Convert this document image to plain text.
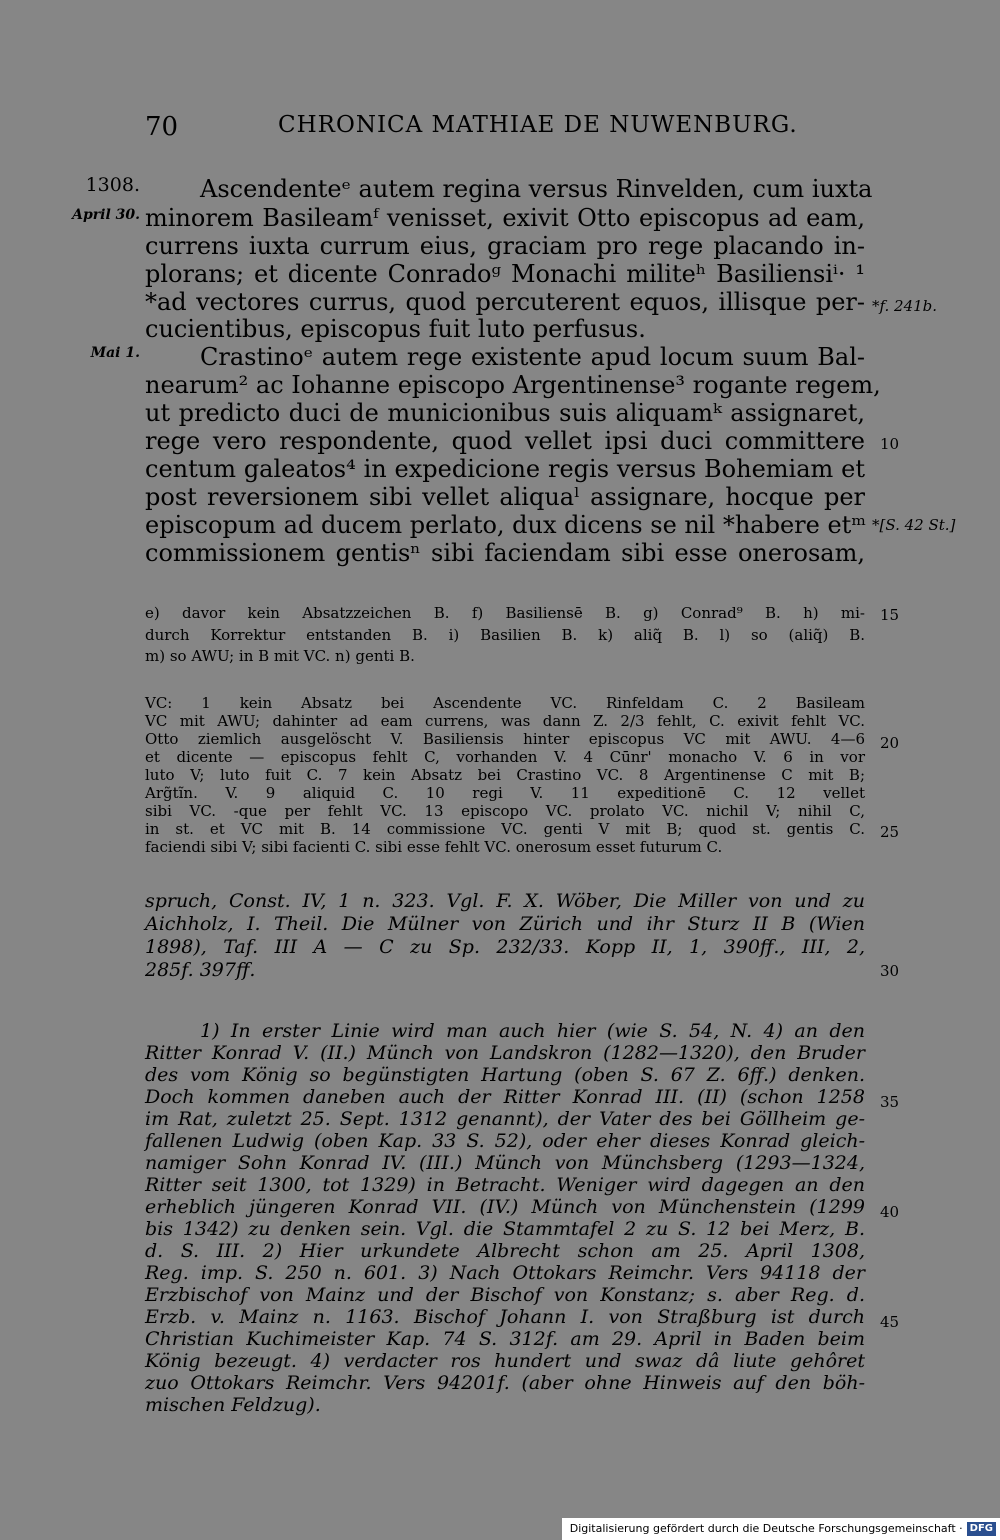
70	CHRONICA MATHIAE DE NUWENBURG.
1308.
April 30.
Mai 1.
*f. 241b.
*[S. 42 St.]
10
15
20
25
30
35
40
45
Ascendenteᵉ autem regina versus Rinvelden, cum iuxta
minorem Basileamᶠ venisset, exivit Otto episcopus ad eam,
currens iuxta currum eius, graciam pro rege placando in-
plorans; et dicente Conradoᵍ Monachi militeʰ Basiliensiⁱ· ¹
*ad vectores currus, quod percuterent equos, illisque per-
cucientibus, episcopus fuit luto perfusus.
Crastinoᵉ autem rege existente apud locum suum Bal-
nearum² ac Iohanne episcopo Argentinense³ rogante regem,
ut predicto duci de municionibus suis aliquamᵏ assignaret,
rege vero respondente, quod vellet ipsi duci committere
centum galeatos⁴ in expedicione regis versus Bohemiam et
post reversionem sibi vellet aliquaˡ assignare, hocque per
episcopum ad ducem perlato, dux dicens se nil *habere etᵐ
commissionem gentisⁿ sibi faciendam sibi esse onerosam,
e) davor kein Absatzzeichen B. f) Basiliensē B. g) Conrad⁹ B. h) mi-
durch Korrektur entstanden B. i) Basilien B. k) aliq̃ B. l) so (aliq̃) B.
m) so AWU; in B mit VC. n) genti B.
VC: 1 kein Absatz bei Ascendente VC. Rinfeldam C. 2 Basileam
VC mit AWU; dahinter ad eam currens, was dann Z. 2/3 fehlt, C. exivit fehlt VC.
Otto ziemlich ausgelöscht V. Basiliensis hinter episcopus VC mit AWU. 4—6
et dicente — episcopus fehlt C, vorhanden V. 4 Cūnr' monacho V. 6 in vor
luto V; luto fuit C. 7 kein Absatz bei Crastino VC. 8 Argentinense C mit B;
Arg̃tĩn. V. 9 aliquid C. 10 regi V. 11 expeditionē C. 12 vellet
sibi VC. -que per fehlt VC. 13 episcopo VC. prolato VC. nichil V; nihil C,
in st. et VC mit B. 14 commissione VC. genti V mit B; quod st. gentis C.
faciendi sibi V; sibi facienti C. sibi esse fehlt VC. onerosum esset futurum C.
spruch, Const. IV, 1 n. 323. Vgl. F. X. Wöber, Die Miller von und zu
Aichholz, I. Theil. Die Mülner von Zürich und ihr Sturz II B (Wien
1898), Taf. III A — C zu Sp. 232/33. Kopp II, 1, 390ff., III, 2,
285f. 397ff.
1) In erster Linie wird man auch hier (wie S. 54, N. 4) an den
Ritter Konrad V. (II.) Münch von Landskron (1282—1320), den Bruder
des vom König so begünstigten Hartung (oben S. 67 Z. 6ff.) denken.
Doch kommen daneben auch der Ritter Konrad III. (II) (schon 1258
im Rat, zuletzt 25. Sept. 1312 genannt), der Vater des bei Göllheim ge-
fallenen Ludwig (oben Kap. 33 S. 52), oder eher dieses Konrad gleich-
namiger Sohn Konrad IV. (III.) Münch von Münchsberg (1293—1324,
Ritter seit 1300, tot 1329) in Betracht. Weniger wird dagegen an den
erheblich jüngeren Konrad VII. (IV.) Münch von Münchenstein (1299
bis 1342) zu denken sein. Vgl. die Stammtafel 2 zu S. 12 bei Merz, B.
d. S. III. 2) Hier urkundete Albrecht schon am 25. April 1308,
Reg. imp. S. 250 n. 601. 3) Nach Ottokars Reimchr. Vers 94118 der
Erzbischof von Mainz und der Bischof von Konstanz; s. aber Reg. d.
Erzb. v. Mainz n. 1163. Bischof Johann I. von Straßburg ist durch
Christian Kuchimeister Kap. 74 S. 312f. am 29. April in Baden beim
König bezeugt. 4) verdacter ros hundert und swaz dâ liute gehôret
zuo Ottokars Reimchr. Vers 94201f. (aber ohne Hinweis auf den böh-
mischen Feldzug).
Digitalisierung gefördert durch die Deutsche Forschungsgemeinschaft · DFG
